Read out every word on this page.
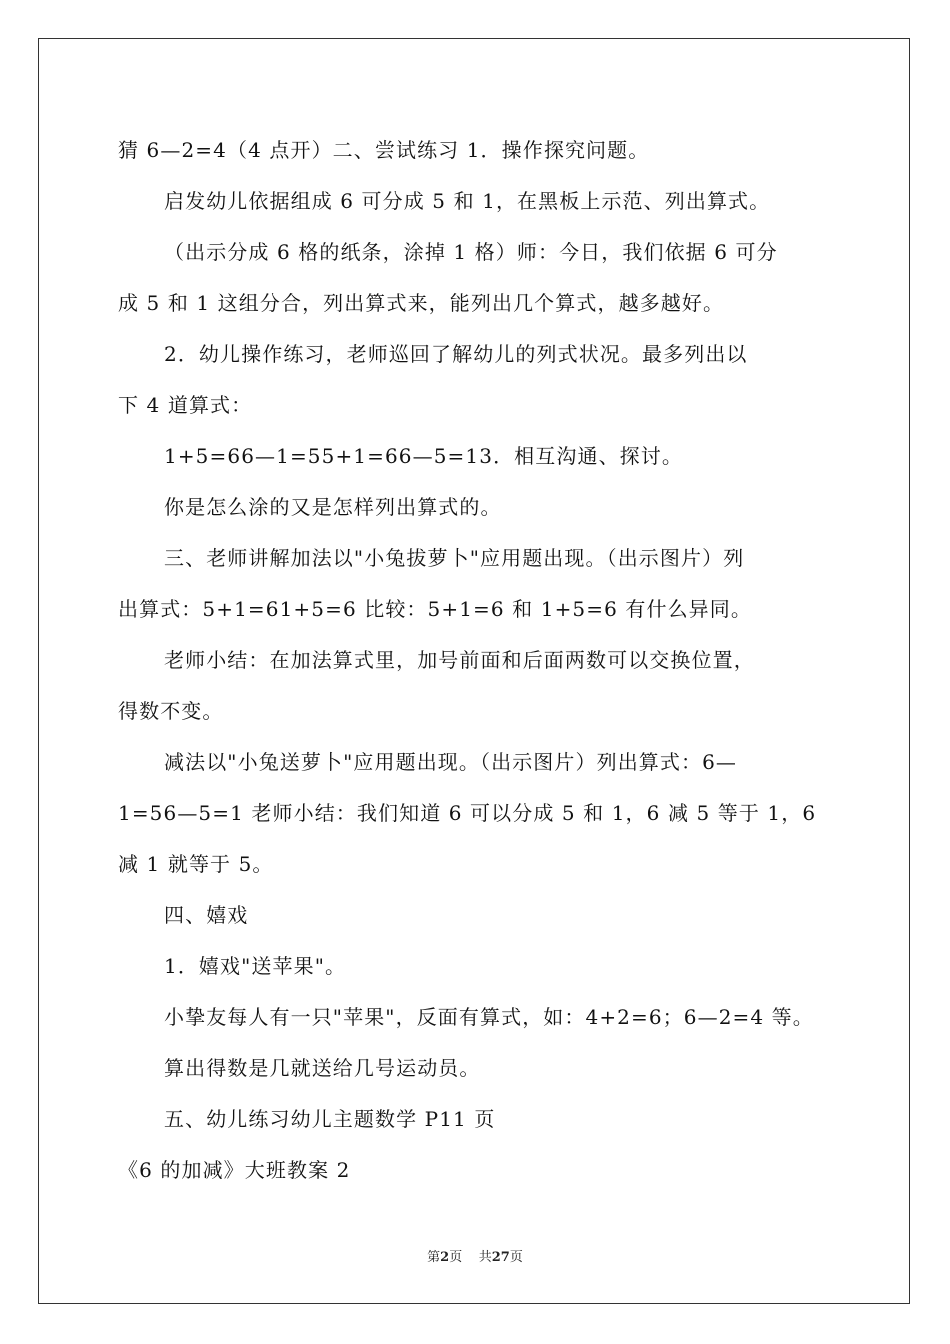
猜 6—2=4（4 点开）二、尝试练习 1．操作探究问题。
启发幼儿依据组成 6 可分成 5 和 1，在黑板上示范、列出算式。
（出示分成 6 格的纸条，涂掉 1 格）师：今日，我们依据 6 可分
成 5 和 1 这组分合，列出算式来，能列出几个算式，越多越好。
2．幼儿操作练习，老师巡回了解幼儿的列式状况。最多列出以
下 4 道算式：
1+5=66—1=55+1=66—5=13．相互沟通、探讨。
你是怎么涂的又是怎样列出算式的。
三、老师讲解加法以"小兔拔萝卜"应用题出现。（出示图片）列
出算式：5+1=61+5=6 比较：5+1=6 和 1+5=6 有什么异同。
老师小结：在加法算式里，加号前面和后面两数可以交换位置，
得数不变。
减法以"小兔送萝卜"应用题出现。（出示图片）列出算式：6—
1=56—5=1 老师小结：我们知道 6 可以分成 5 和 1，6 减 5 等于 1，6
减 1 就等于 5。
四、嬉戏
1．嬉戏"送苹果"。
小挚友每人有一只"苹果"，反面有算式，如：4+2=6；6—2=4 等。
算出得数是几就送给几号运动员。
五、幼儿练习幼儿主题数学 P11 页
《6 的加减》大班教案 2
第2页 共27页
